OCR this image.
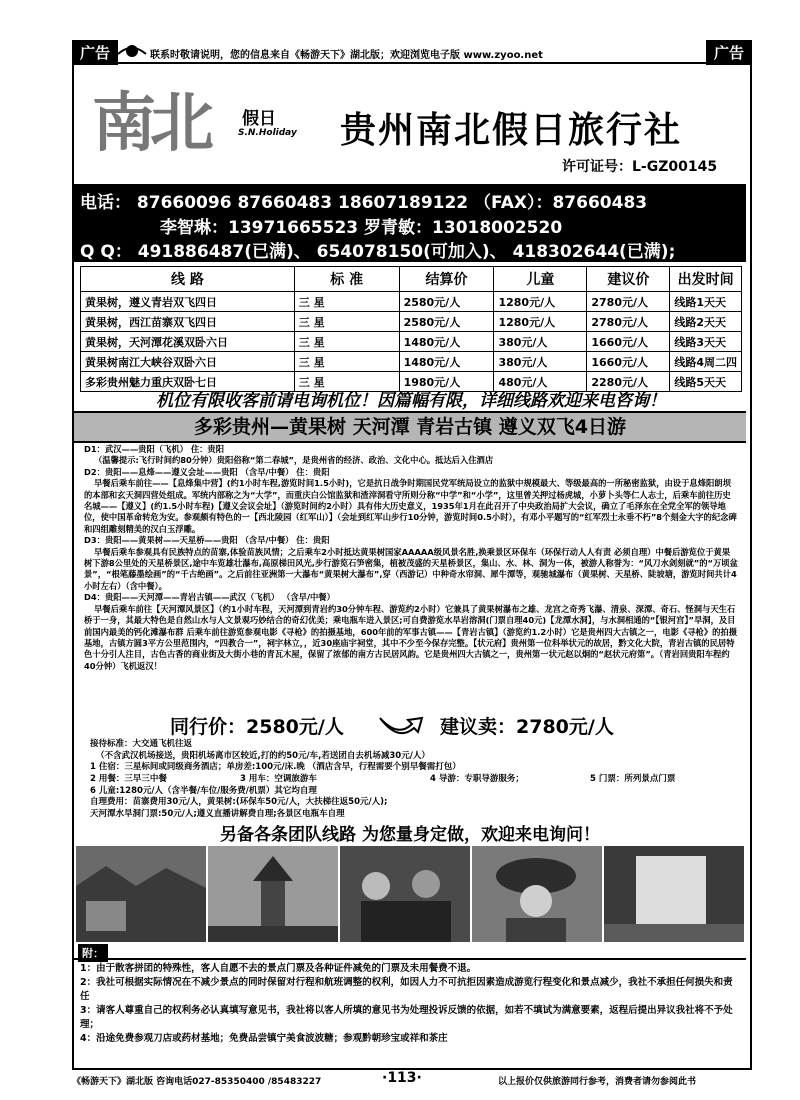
广告	联系时敬请说明，您的信息来自《畅游天下》湖北版；欢迎浏览电子版 www.zyoo.net	广告
南北 假日
S.N.Holiday 贵州南北假日旅行社
许可证号：L-GZ00145
电话： 87660096 87660483 18607189122 （FAX）：87660483
李智琳：13971665523 罗青敏：13018002520
Q Q： 491886487(已满)、 654078150(可加入)、 418302644(已满);
线 路	标 准	结算价	儿童	建议价	出发时间
黄果树，遵义青岩双飞四日	三 星	2580元/人	1280元/人	2780元/人	线路1天天
黄果树，西江苗寨双飞四日	三 星	2580元/人	1280元/人	2780元/人	线路2天天
黄果树，天河潭花溪双卧六日	三 星	1480元/人	380元/人	1660元/人	线路3天天
黄果树南江大峡谷双卧六日	三 星	1480元/人	380元/人	1660元/人	线路4周二四
多彩贵州魅力重庆双卧七日	三 星	1980元/人	480元/人	2280元/人	线路5天天
机位有限收客前请电询机位！因篇幅有限，详细线路欢迎来电咨询！
多彩贵州—黄果树 天河潭 青岩古镇 遵义双飞4日游
D1：武汉——贵阳（飞机） 住：贵阳
（温馨提示:飞行时间约80分钟）贵阳俗称“第二春城”，是贵州省的经济、政治、文化中心。抵达后入住酒店
D2：贵阳——息烽——遵义会址——贵阳 （含早/中餐） 住：贵阳
早餐后乘车前往——【息烽集中营】(约1小时车程,游览时间1.5小时)，它是抗日战争时期国民党军统局设立的监狱中规模最大、等级最高的一所秘密监狱，由设于息烽阳朗坝的本部和玄天洞四营处组成。军统内部称之为“大学”，而重庆白公馆监狱和渣滓洞看守所则分称“中学”和“小学”，这里曾关押过杨虎城，小萝卜头等仁人志士，后乘车前往历史名城——【遵义】(约1.5小时车程)【遵义会议会址】（游览时间约2小时）具有伟大历史意义，1935年1月在此召开了中央政治局扩大会议，确立了毛泽东在全党全军的领导地位，使中国革命转危为安。参观颇有特色的一【西北陵园（红军山）】（会址到红军山步行10分钟，游览时间0.5小时），有邓小平题写的“红军烈士永垂不朽”8个刻金大字的纪念碑和四组雕刻精美的汉白玉浮雕。
D3：贵阳——黄果树——天星桥——贵阳 （含早/中餐） 住：贵阳
早餐后乘车参观具有民族特点的苗寨,体验苗族风情；之后乘车2小时抵达黄果树国家AAAAA级风景名胜,换乘景区环保车（环保行动人人有责 必须自理）中餐后游览位于黄果树下游8公里处的天星桥景区,途中车览雄壮瀑布,高原梯田风光,步行游览石笋密集，植被茂盛的天星桥景区，集山、水、林、洞为一体，被游人称誉为：“风刀水剑刻就”的“万顷盆景”，“根笔藤墨绘画”的“千古绝画”。之后前往亚洲第一大瀑布“黄果树大瀑布”,穿（西游记）中种奇水帘洞、犀牛潭等，观驰城瀑布（黄果树、天星桥、陡坡塘，游览时间共计4小时左右）（含中餐）。
D4：贵阳——天河潭——青岩古镇——武汉（飞机） （含早/中餐）
早餐后乘车前往【天河潭风景区】（约1小时车程，天河潭到青岩约30分钟车程、游览约2小时）它兼具了黄果树瀑布之雄、龙宫之奇秀飞瀑、清泉、深潭、奇石、怪洞与天生石桥于一身，其最大特色是自然山水与人文景观巧妙结合的奇幻优美；乘电瓶车进入景区;可自费游览水旱岩溶洞(门票自理40元)【龙潭水洞】，与水洞相通的“【银河宫】”旱洞，及目前国内最美的钙化滩瀑布群 后乘车前往游览参观电影《寻枪》的拍摄基地，600年前的军事古镇——【青岩古镇】（游览约1.2小时）它是贵州四大古镇之一，电影《寻枪》的拍摄基地，古镇方圆3平方公里范围内，“四教合一”，祠宇林立，，近30座庙宇祠堂，其中不少至今保存完整。【状元府】贵州第一位科举状元的故居，黔文化大院，青岩古镇的民居特色十分引人注目，古色古香的商业街及大街小巷的青瓦木屋，保留了浓郁的南方古民居风韵。它是贵州四大古镇之一，贵州第一状元赵以炯的“赵状元府第”。（青岩回贵阳车程约40分钟）飞机返汉！
同行价：2580元/人	建议卖：2780元/人
接待标准：大交通飞机往返
（不含武汉机场接送，贵阳机场离市区较近,打的约50元/车,若送团自去机场减30元/人）
1 住宿：三星标间或同级商务酒店；单房差:100元/床.晚 （酒店含早，行程需要个别早餐需打包）
2 用餐：三早三中餐	3 用车：空调旅游车	4 导游：专职导游服务；	5 门票：所列景点门票
6 儿童:1280元/人（含半餐/车位/服务费/机票）其它均自理
自理费用：苗寨费用30元/人，黄果树:(环保车50元/人，大扶梯往返50元/人);
天河潭水旱洞门票:50元/人;遵义直播讲解费自理;各景区电瓶车自理
另备各条团队线路 为您量身定做，欢迎来电询问！
附：
1：由于散客拼团的特殊性，客人自愿不去的景点门票及各种证件减免的门票及未用餐费不退。
2：我社可根据实际情况在不减少景点的同时保留对行程和航班调整的权利，如因人力不可抗拒因素造成游览行程变化和景点减少，我社不承担任何损失和责任
3：请客人尊重自己的权利务必认真填写意见书，我社将以客人所填的意见书为处理投诉反馈的依据，如若不填试为满意要素，返程后提出异议我社将不予处理；
4：沿途免费参观刀店或药材基地；免费品尝镇宁美食波波糖；参观黔朝珍宝或祥和茶庄
《畅游天下》湖北版 咨询电话027-85350400 /85483227	·113·	以上报价仅供旅游同行参考，消费者请勿参阅此书
